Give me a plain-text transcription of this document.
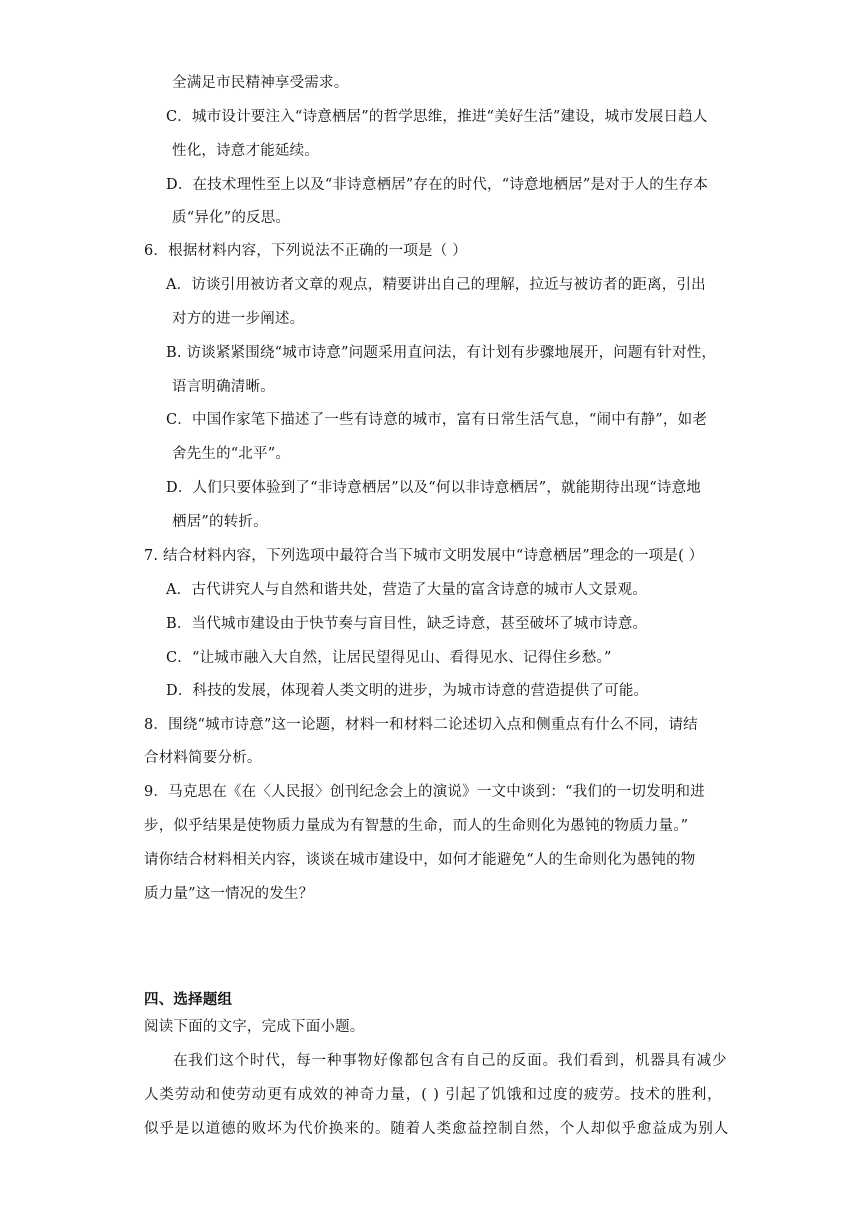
全满足市民精神享受需求。
C．城市设计要注入“诗意栖居”的哲学思维，推进“美好生活”建设，城市发展日趋人
性化，诗意才能延续。
D．在技术理性至上以及“非诗意栖居”存在的时代，“诗意地栖居”是对于人的生存本
质“异化”的反思。
6．根据材料内容，下列说法不正确的一项是（ ）
A．访谈引用被访者文章的观点，精要讲出自己的理解，拉近与被访者的距离，引出
对方的进一步阐述。
B. 访谈紧紧围绕“城市诗意”问题采用直问法，有计划有步骤地展开，问题有针对性，
语言明确清晰。
C．中国作家笔下描述了一些有诗意的城市，富有日常生活气息，“闹中有静”，如老
舍先生的“北平”。
D．人们只要体验到了“非诗意栖居”以及“何以非诗意栖居”，就能期待出现“诗意地
栖居”的转折。
7. 结合材料内容，下列选项中最符合当下城市文明发展中“诗意栖居”理念的一项是( ）
A．古代讲究人与自然和谐共处，营造了大量的富含诗意的城市人文景观。
B．当代城市建设由于快节奏与盲目性，缺乏诗意，甚至破坏了城市诗意。
C．“让城市融入大自然，让居民望得见山、看得见水、记得住乡愁。”
D．科技的发展，体现着人类文明的进步，为城市诗意的营造提供了可能。
8．围绕“城市诗意”这一论题，材料一和材料二论述切入点和侧重点有什么不同，请结
合材料简要分析。
9．马克思在《在〈人民报〉创刊纪念会上的演说》一文中谈到：“我们的一切发明和进
步，似乎结果是使物质力量成为有智慧的生命，而人的生命则化为愚钝的物质力量。”
请你结合材料相关内容，谈谈在城市建设中，如何才能避免“人的生命则化为愚钝的物
质力量”这一情况的发生？
四、选择题组
阅读下面的文字，完成下面小题。
在我们这个时代，每一种事物好像都包含有自己的反面。我们看到，机器具有减少
人类劳动和使劳动更有成效的神奇力量，( ) 引起了饥饿和过度的疲劳。技术的胜利，
似乎是以道德的败坏为代价换来的。随着人类愈益控制自然，个人却似乎愈益成为别人
